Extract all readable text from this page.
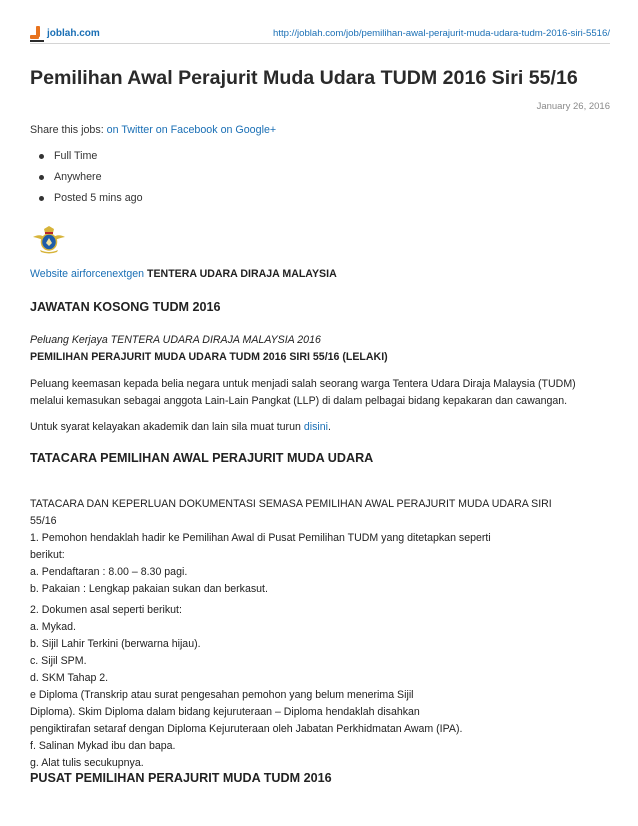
joblah.com	http://joblah.com/job/pemilihan-awal-perajurit-muda-udara-tudm-2016-siri-5516/
Pemilihan Awal Perajurit Muda Udara TUDM 2016 Siri 55/16
January 26, 2016
Share this jobs: on Twitter on Facebook on Google+
Full Time
Anywhere
Posted 5 mins ago
Website airforcenextgen TENTERA UDARA DIRAJA MALAYSIA
JAWATAN KOSONG TUDM 2016

Peluang Kerjaya TENTERA UDARA DIRAJA MALAYSIA 2016

PEMILIHAN PERAJURIT MUDA UDARA TUDM 2016 SIRI 55/16 (LELAKI)

Peluang keemasan kepada belia negara untuk menjadi salah seorang warga Tentera Udara Diraja Malaysia (TUDM)
melalui kemasukan sebagai anggota Lain-Lain Pangkat (LLP) di dalam pelbagai bidang kepakaran dan cawangan.

Untuk syarat kelayakan akademik dan lain sila muat turun disini.

TATACARA PEMILIHAN AWAL PERAJURIT MUDA UDARA

TATACARA DAN KEPERLUAN DOKUMENTASI SEMASA PEMILIHAN AWAL PERAJURIT MUDA UDARA SIRI
55/16
1. Pemohon hendaklah hadir ke Pemilihan Awal di Pusat Pemilihan TUDM yang ditetapkan seperti
berikut:
a. Pendaftaran : 8.00 – 8.30 pagi.
b. Pakaian : Lengkap pakaian sukan dan berkasut.

2. Dokumen asal seperti berikut:
a. Mykad.
b. Sijil Lahir Terkini (berwarna hijau).
c. Sijil SPM.
d. SKM Tahap 2.
e Diploma (Transkrip atau surat pengesahan pemohon yang belum menerima Sijil
Diploma). Skim Diploma dalam bidang kejuruteraan – Diploma hendaklah disahkan
pengiktirafan setaraf dengan Diploma Kejuruteraan oleh Jabatan Perkhidmatan Awam (IPA).
f. Salinan Mykad ibu dan bapa.
g. Alat tulis secukupnya.

PUSAT PEMILIHAN PERAJURIT MUDA TUDM 2016
